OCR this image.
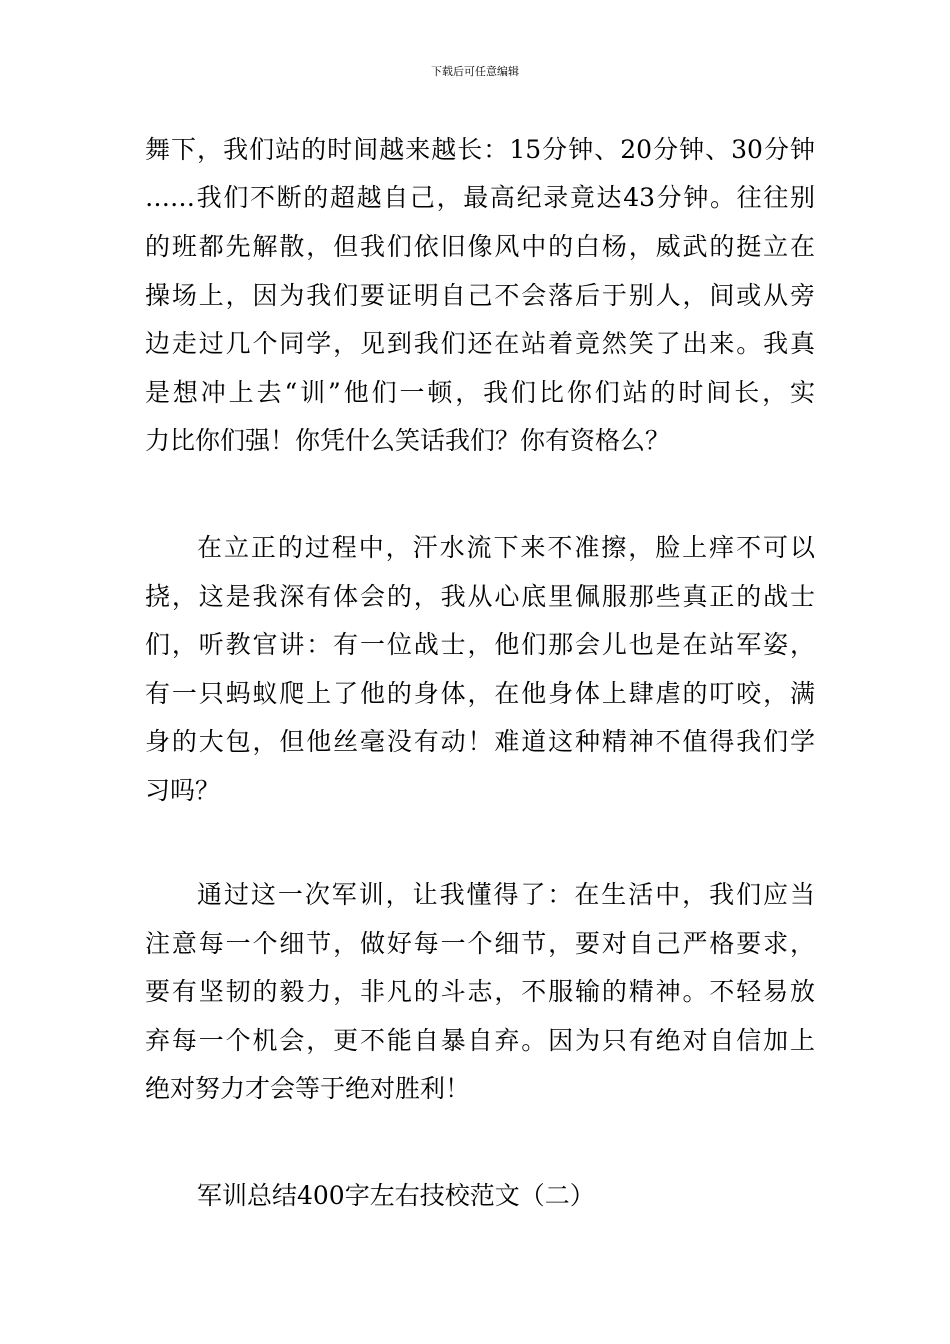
下载后可任意编辑
舞下，我们站的时间越来越长：15分钟、20分钟、30分钟
……我们不断的超越自己，最高纪录竟达43分钟。往往别
的班都先解散，但我们依旧像风中的白杨，威武的挺立在
操场上，因为我们要证明自己不会落后于别人，间或从旁
边走过几个同学，见到我们还在站着竟然笑了出来。我真
是想冲上去“训”他们一顿，我们比你们站的时间长，实
力比你们强！你凭什么笑话我们？你有资格么？
在立正的过程中，汗水流下来不准擦，脸上痒不可以
挠，这是我深有体会的，我从心底里佩服那些真正的战士
们，听教官讲：有一位战士，他们那会儿也是在站军姿，
有一只蚂蚁爬上了他的身体，在他身体上肆虐的叮咬，满
身的大包，但他丝毫没有动！难道这种精神不值得我们学
习吗？
通过这一次军训，让我懂得了：在生活中，我们应当
注意每一个细节，做好每一个细节，要对自己严格要求，
要有坚韧的毅力，非凡的斗志，不服输的精神。不轻易放
弃每一个机会，更不能自暴自弃。因为只有绝对自信加上
绝对努力才会等于绝对胜利！
军训总结400字左右技校范文（二）
